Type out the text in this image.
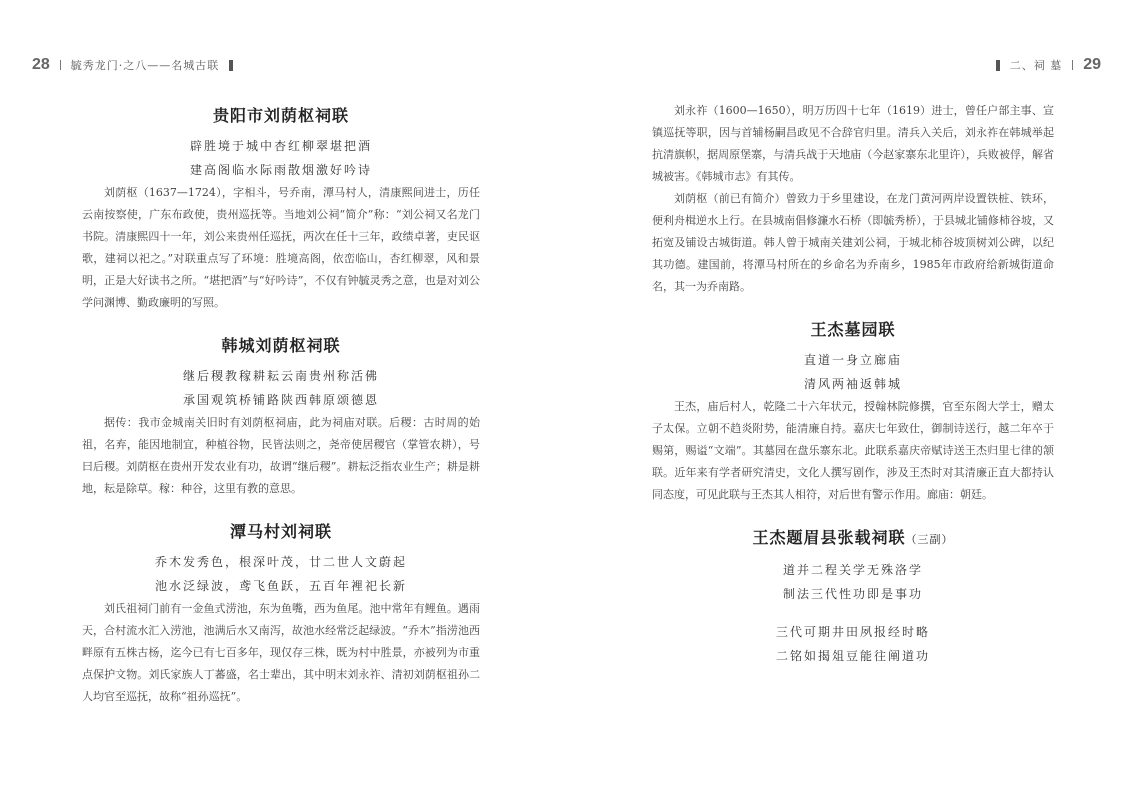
28 毓秀龙门·之八——名城古联
贵阳市刘荫枢祠联

辟胜境于城中杏红柳翠堪把酒

建高阁临水际雨散烟激好吟诗

刘荫枢（1637—1724），字相斗，号乔南，潭马村人，清康熙间进士，历任云南按察使，广东布政使，贵州巡抚等。当地刘公祠“简介”称：“刘公祠又名龙门书院。清康熙四十一年，刘公来贵州任巡抚，两次在任十三年，政绩卓著，吏民讴歌，建祠以祀之。”对联重点写了环境：胜境高阁，依峦临山，杏红柳翠，风和景明，正是大好读书之所。“堪把酒”与“好吟诗”，不仅有钟毓灵秀之意，也是对刘公学问渊博、勤政廉明的写照。

韩城刘荫枢祠联

继后稷教稼耕耘云南贵州称活佛

承国观筑桥铺路陕西韩原颂德恩

据传：我市金城南关旧时有刘荫枢祠庙，此为祠庙对联。后稷：古时周的始祖，名弃，能因地制宜，种植谷物，民皆法则之，尧帝使居稷官（掌管农耕），号曰后稷。刘荫枢在贵州开发农业有功，故谓“继后稷”。耕耘泛指农业生产；耕是耕地，耘是除草。稼：种谷，这里有教的意思。

潭马村刘祠联

乔木发秀色，根深叶茂，廿二世人文蔚起

池水泛绿波，鸢飞鱼跃，五百年裡祀长新

刘氏祖祠门前有一金鱼式涝池，东为鱼嘴，西为鱼尾。池中常年有鲤鱼。遇雨天，合村流水汇入涝池，池满后水又南泻，故池水经常泛起绿波。“乔木”指涝池西畔原有五株古杨，迄今已有七百多年，现仅存三株，既为村中胜景，亦被列为市重点保护文物。刘氏家族人丁蕃盛，名士辈出，其中明末刘永祚、清初刘荫枢祖孙二人均官至巡抚，故称“祖孙巡抚”。

二、祠 墓 29

刘永祚（1600—1650），明万历四十七年（1619）进士，曾任户部主事、宣镇巡抚等职，因与首辅杨嗣昌政见不合辞官归里。清兵入关后，刘永祚在韩城举起抗清旗帜，据周原堡寨，与清兵战于天地庙（今赵家寨东北里许），兵败被俘，解省城被害。《韩城市志》有其传。

刘荫枢（前已有简介）曾致力于乡里建设，在龙门黄河两岸设置铁桩、铁环，便利舟楫逆水上行。在县城南倡修濂水石桥（即毓秀桥），于县城北铺修柿谷坡，又拓宽及铺设古城街道。韩人曾于城南关建刘公祠，于城北柿谷坡顶树刘公碑，以纪其功德。建国前，将潭马村所在的乡命名为乔南乡，1985年市政府给新城街道命名，其一为乔南路。

王杰墓园联

直道一身立廊庙

清风两袖返韩城

王杰，庙后村人，乾隆二十六年状元，授翰林院修撰，官至东阁大学士，赠太子太保。立朝不趋炎附势，能清廉自持。嘉庆七年致仕，御制诗送行，越二年卒于赐第，赐谥“文端”。其墓园在盘乐寨东北。此联系嘉庆帝赋诗送王杰归里七律的颔联。近年来有学者研究清史，文化人撰写剧作，涉及王杰时对其清廉正直大都持认同态度，可见此联与王杰其人相符，对后世有警示作用。廊庙：朝廷。

王杰题眉县张载祠联（三副）

道并二程关学无殊洛学

制法三代性功即是事功

三代可期井田夙报经时略

二铭如揭俎豆能往阐道功
